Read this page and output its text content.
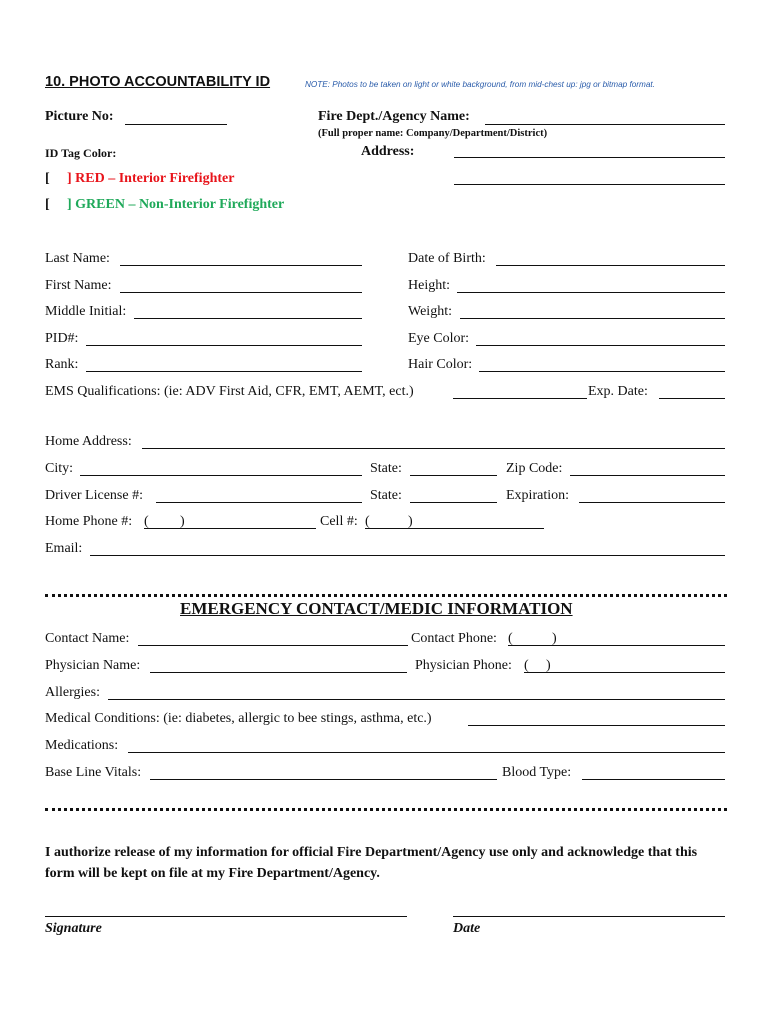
10. PHOTO ACCOUNTABILITY ID	NOTE: Photos to be taken on light or white background, from mid-chest up: jpg or bitmap format.
Picture No:	Fire Dept./Agency Name:
(Full proper name: Company/Department/District)
ID Tag Color:	Address:
[ ] RED – Interior Firefighter
[ ] GREEN – Non-Interior Firefighter
Last Name:	Date of Birth:
First Name:	Height:
Middle Initial:	Weight:
PID#:	Eye Color:
Rank:	Hair Color:
EMS Qualifications: (ie: ADV First Aid, CFR, EMT, AEMT, ect.)	Exp. Date:
Home Address:
City:	State:	Zip Code:
Driver License #:	State:	Expiration:
Home Phone #: ( )	Cell #: (	)
Email:
EMERGENCY CONTACT/MEDIC INFORMATION
Contact Name:	Contact Phone: (	)
Physician Name:	Physician Phone: ( )
Allergies:
Medical Conditions: (ie: diabetes, allergic to bee stings, asthma, etc.)
Medications:
Base Line Vitals:	Blood Type:
I authorize release of my information for official Fire Department/Agency use only and acknowledge that this form will be kept on file at my Fire Department/Agency.
Signature	Date
